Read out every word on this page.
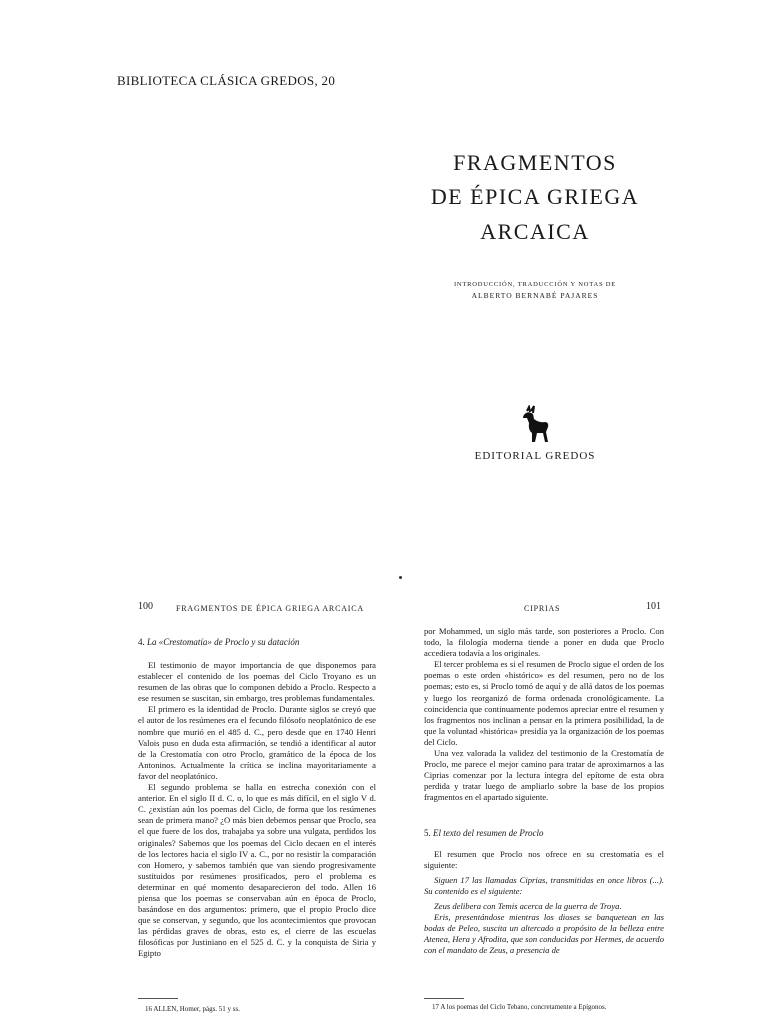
BIBLIOTECA CLÁSICA GREDOS, 20
FRAGMENTOS
DE ÉPICA GRIEGA
ARCAICA
INTRODUCCIÓN, TRADUCCIÓN Y NOTAS DE
ALBERTO BERNABÉ PAJARES
EDITORIAL GREDOS
100	FRAGMENTOS DE ÉPICA GRIEGA ARCAICA
4. La «Crestomatía» de Proclo y su datación

El testimonio de mayor importancia de que disponemos para establecer el contenido de los poemas del Ciclo Troyano es un resumen de las obras que lo componen debido a Proclo. Respecto a ese resumen se suscitan, sin embargo, tres problemas fundamentales.

El primero es la identidad de Proclo. Durante siglos se creyó que el autor de los resúmenes era el fecundo filósofo neoplatónico de ese nombre que murió en el 485 d. C., pero desde que en 1740 Henri Valois puso en duda esta afirmación, se tendió a identificar al autor de la Crestomatía con otro Proclo, gramático de la época de los Antoninos. Actualmente la crítica se inclina mayoritariamente a favor del neoplatónico.

El segundo problema se halla en estrecha conexión con el anterior. En el siglo II d. C. o, lo que es más difícil, en el siglo V d. C. ¿existían aún los poemas del Ciclo, de forma que los resúmenes sean de primera mano? ¿O más bien debemos pensar que Proclo, sea el que fuere de los dos, trabajaba ya sobre una vulgata, perdidos los originales? Sabemos que los poemas del Ciclo decaen en el interés de los lectores hacia el siglo IV a. C., por no resistir la comparación con Homero, y sabemos también que van siendo progresivamente sustituidos por resúmenes prosificados, pero el problema es determinar en qué momento desaparecieron del todo. Allen 16 piensa que los poemas se conservaban aún en época de Proclo, basándose en dos argumentos: primero, que el propio Proclo dice que se conservan, y segundo, que los acontecimientos que provocan las pérdidas graves de obras, esto es, el cierre de las escuelas filosóficas por Justiniano en el 525 d. C. y la conquista de Siria y Egipto

16 ALLEN, Homer, págs. 51 y ss.
CIPRIAS	101

por Mohammed, un siglo más tarde, son posteriores a Proclo. Con todo, la filología moderna tiende a poner en duda que Proclo accediera todavía a los originales.

El tercer problema es si el resumen de Proclo sigue el orden de los poemas o este orden «histórico» es del resumen, pero no de los poemas; esto es, si Proclo tomó de aquí y de allá datos de los poemas y luego los reorganizó de forma ordenada cronológicamente. La coincidencia que continuamente podemos apreciar entre el resumen y los fragmentos nos inclinan a pensar en la primera posibilidad, la de que la voluntad «histórica» presidía ya la organización de los poemas del Ciclo.

Una vez valorada la validez del testimonio de la Crestomatía de Proclo, me parece el mejor camino para tratar de aproximarnos a las Ciprias comenzar por la lectura íntegra del epítome de esta obra perdida y tratar luego de ampliarlo sobre la base de los propios fragmentos en el apartado siguiente.

5. El texto del resumen de Proclo

El resumen que Proclo nos ofrece en su crestomatía es el siguiente:

Siguen 17 las llamadas Ciprias, transmitidas en once libros (...). Su contenido es el siguiente:

Zeus delibera con Temis acerca de la guerra de Troya.

Eris, presentándose mientras los dioses se banquetean en las bodas de Peleo, suscita un altercado a propósito de la belleza entre Atenea, Hera y Afrodita, que son conducidas por Hermes, de acuerdo con el mandato de Zeus, a presencia de

17 A los poemas del Ciclo Tebano, concretamente a Epígonos.
